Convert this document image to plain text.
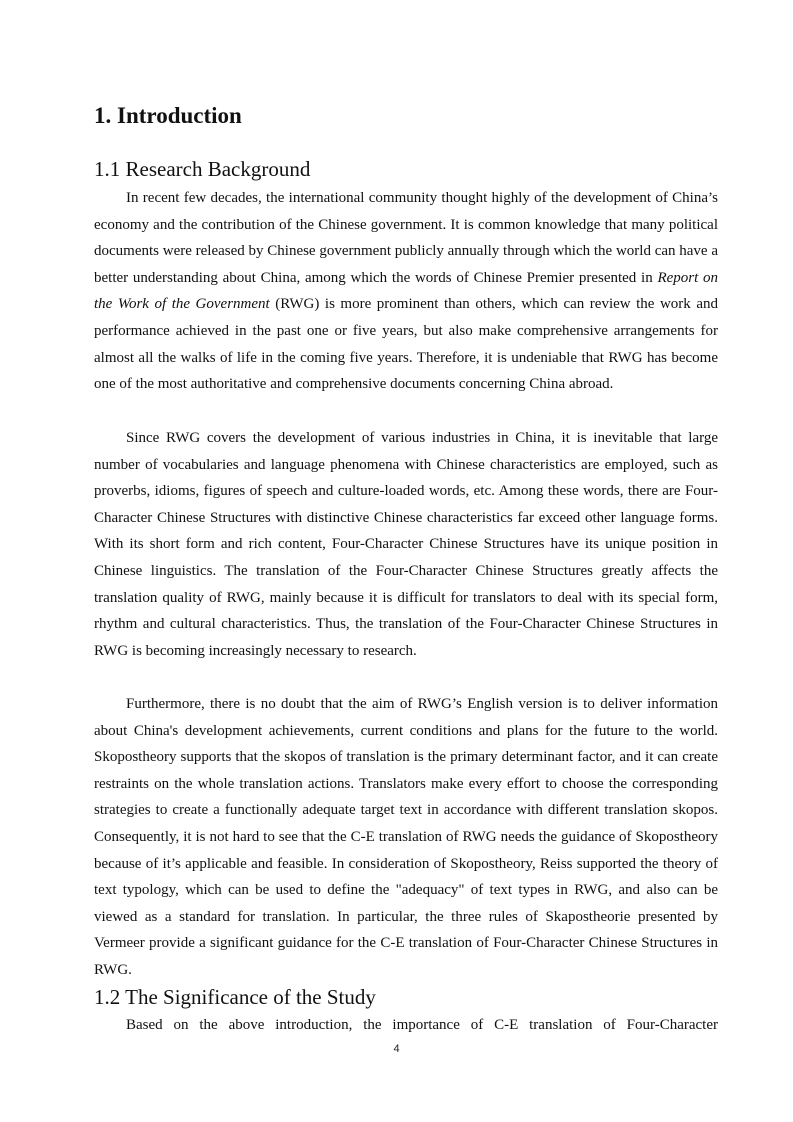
1. Introduction
1.1 Research Background

In recent few decades, the international community thought highly of the development of China’s economy and the contribution of the Chinese government. It is common knowledge that many political documents were released by Chinese government publicly annually through which the world can have a better understanding about China, among which the words of Chinese Premier presented in Report on the Work of the Government (RWG) is more prominent than others, which can review the work and performance achieved in the past one or five years, but also make comprehensive arrangements for almost all the walks of life in the coming five years. Therefore, it is undeniable that RWG has become one of the most authoritative and comprehensive documents concerning China abroad.

Since RWG covers the development of various industries in China, it is inevitable that large number of vocabularies and language phenomena with Chinese characteristics are employed, such as proverbs, idioms, figures of speech and culture-loaded words, etc. Among these words, there are Four-Character Chinese Structures with distinctive Chinese characteristics far exceed other language forms. With its short form and rich content, Four-Character Chinese Structures have its unique position in Chinese linguistics. The translation of the Four-Character Chinese Structures greatly affects the translation quality of RWG, mainly because it is difficult for translators to deal with its special form, rhythm and cultural characteristics. Thus, the translation of the Four-Character Chinese Structures in RWG is becoming increasingly necessary to research.

Furthermore, there is no doubt that the aim of RWG’s English version is to deliver information about China's development achievements, current conditions and plans for the future to the world. Skopostheory supports that the skopos of translation is the primary determinant factor, and it can create restraints on the whole translation actions. Translators make every effort to choose the corresponding strategies to create a functionally adequate target text in accordance with different translation skopos. Consequently, it is not hard to see that the C-E translation of RWG needs the guidance of Skopostheory because of it’s applicable and feasible. In consideration of Skopostheory, Reiss supported the theory of text typology, which can be used to define the "adequacy" of text types in RWG, and also can be viewed as a standard for translation. In particular, the three rules of Skapostheorie presented by Vermeer provide a significant guidance for the C-E translation of Four-Character Chinese Structures in RWG.

1.2 The Significance of the Study

Based on the above introduction, the importance of C-E translation of Four-Character

4
